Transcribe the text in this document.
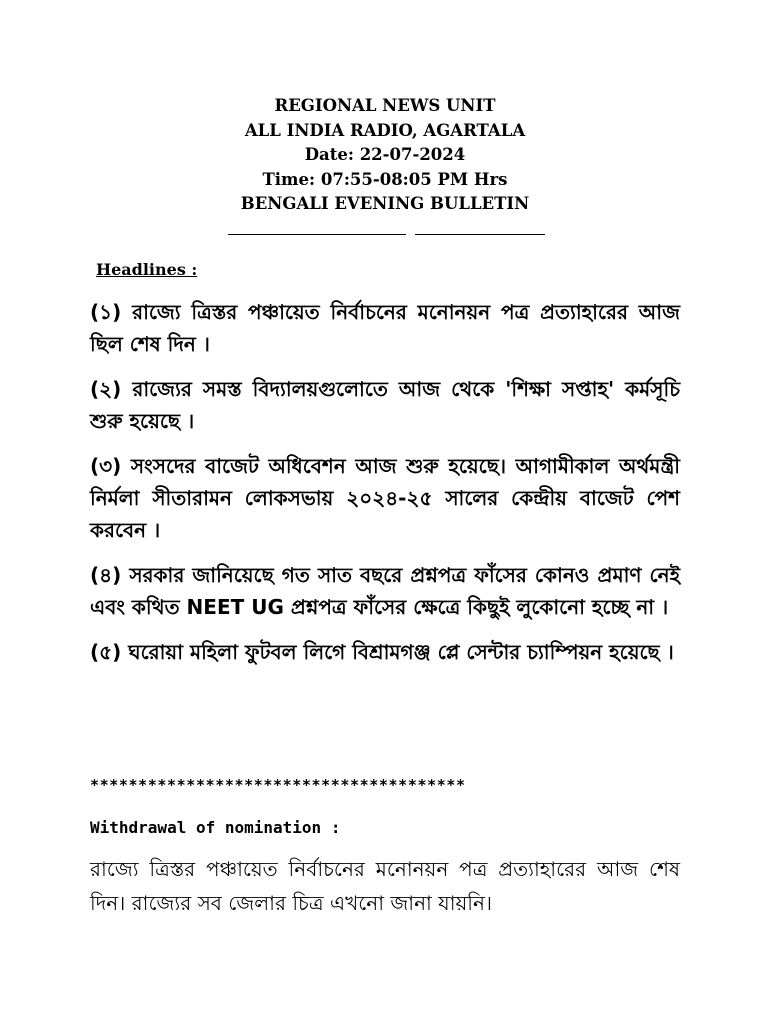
REGIONAL NEWS UNIT
ALL INDIA RADIO, AGARTALA
Date: 22-07-2024
Time: 07:55-08:05 PM Hrs
BENGALI EVENING BULLETIN
Headlines :
(১) রাজ্যে ত্রিস্তর পঞ্চায়েত নির্বাচনের মনোনয়ন পত্র প্রত্যাহারের আজ ছিল শেষ দিন ।
(২) রাজ্যের সমস্ত বিদ্যালয়গুলোতে আজ থেকে 'শিক্ষা সপ্তাহ' কর্মসূচি শুরু হয়েছে ।
(৩) সংসদের বাজেট অধিবেশন আজ শুরু হয়েছে। আগামীকাল অর্থমন্ত্রী নির্মলা সীতারামন লোকসভায় ২০২৪-২৫ সালের কেন্দ্রীয় বাজেট পেশ করবেন ।
(৪) সরকার জানিয়েছে গত সাত বছরে প্রশ্নপত্র ফাঁসের কোনও প্রমাণ নেই এবং কথিত NEET UG প্রশ্নপত্র ফাঁসের ক্ষেত্রে কিছুই লুকোনো হচ্ছে না ।
(৫) ঘরোয়া মহিলা ফুটবল লিগে বিশ্রামগঞ্জ প্লে সেন্টার চ্যাম্পিয়ন হয়েছে ।
***************************************
Withdrawal of nomination :
রাজ্যে ত্রিস্তর পঞ্চায়েত নির্বাচনের মনোনয়ন পত্র প্রত্যাহারের আজ শেষ দিন। রাজ্যের সব জেলার চিত্র এখনো জানা যায়নি।
